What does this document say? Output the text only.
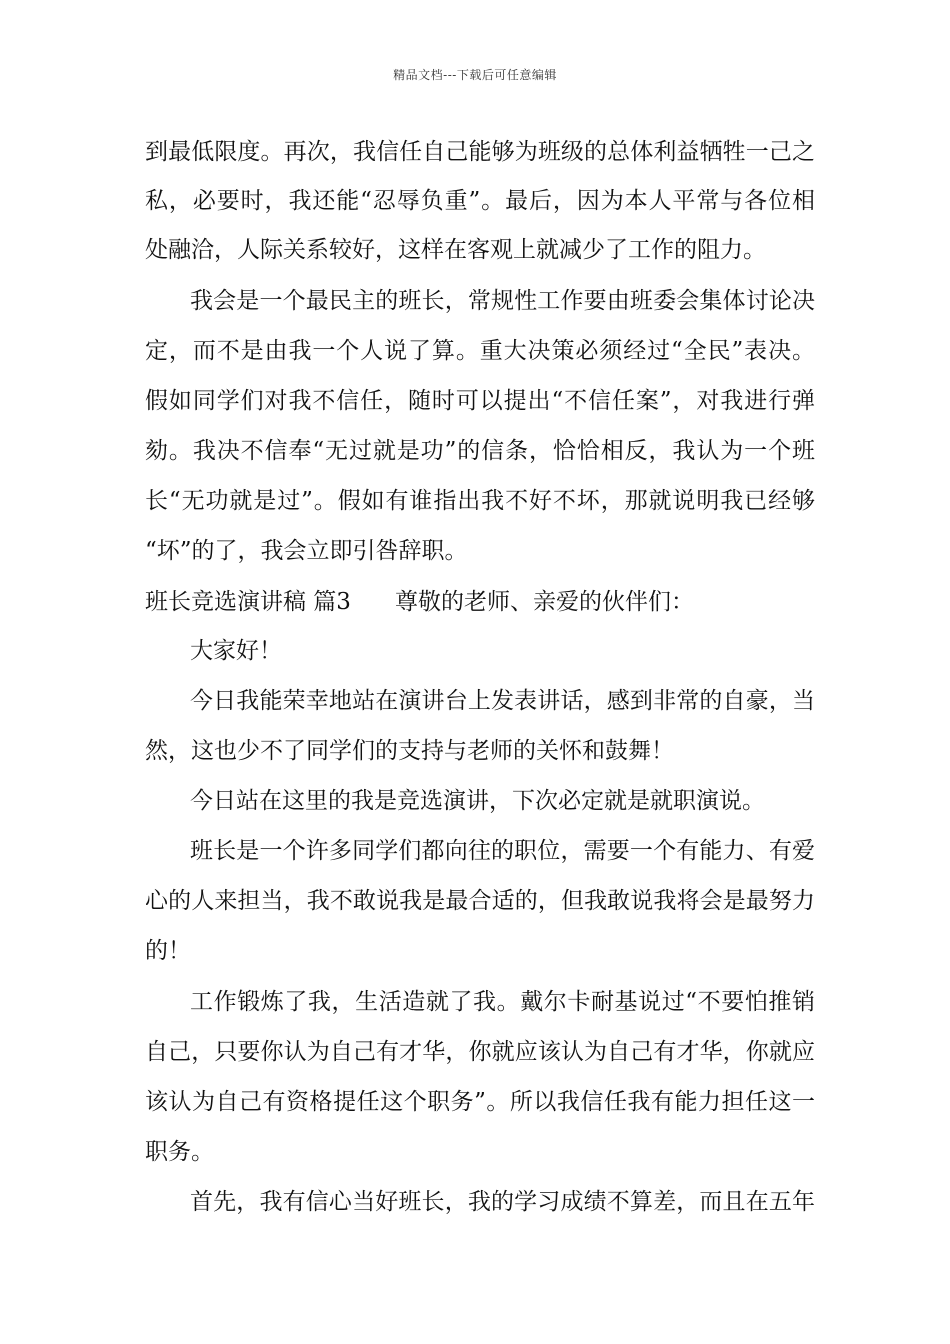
精品文档---下载后可任意编辑
到最低限度。再次，我信任自己能够为班级的总体利益牺牲一己之
私，必要时，我还能“忍辱负重”。最后，因为本人平常与各位相
处融洽，人际关系较好，这样在客观上就减少了工作的阻力。
我会是一个最民主的班长，常规性工作要由班委会集体讨论决
定，而不是由我一个人说了算。重大决策必须经过“全民”表决。
假如同学们对我不信任，随时可以提出“不信任案”，对我进行弹
劾。我决不信奉“无过就是功”的信条，恰恰相反，我认为一个班
长“无功就是过”。假如有谁指出我不好不坏，那就说明我已经够
“坏”的了，我会立即引咎辞职。
班长竞选演讲稿 篇3 尊敬的老师、亲爱的伙伴们：
大家好！
今日我能荣幸地站在演讲台上发表讲话，感到非常的自豪，当
然，这也少不了同学们的支持与老师的关怀和鼓舞！
今日站在这里的我是竞选演讲，下次必定就是就职演说。
班长是一个许多同学们都向往的职位，需要一个有能力、有爱
心的人来担当，我不敢说我是最合适的，但我敢说我将会是最努力
的！
工作锻炼了我，生活造就了我。戴尔卡耐基说过“不要怕推销
自己，只要你认为自己有才华，你就应该认为自己有才华，你就应
该认为自己有资格提任这个职务”。所以我信任我有能力担任这一
职务。
首先，我有信心当好班长，我的学习成绩不算差，而且在五年
